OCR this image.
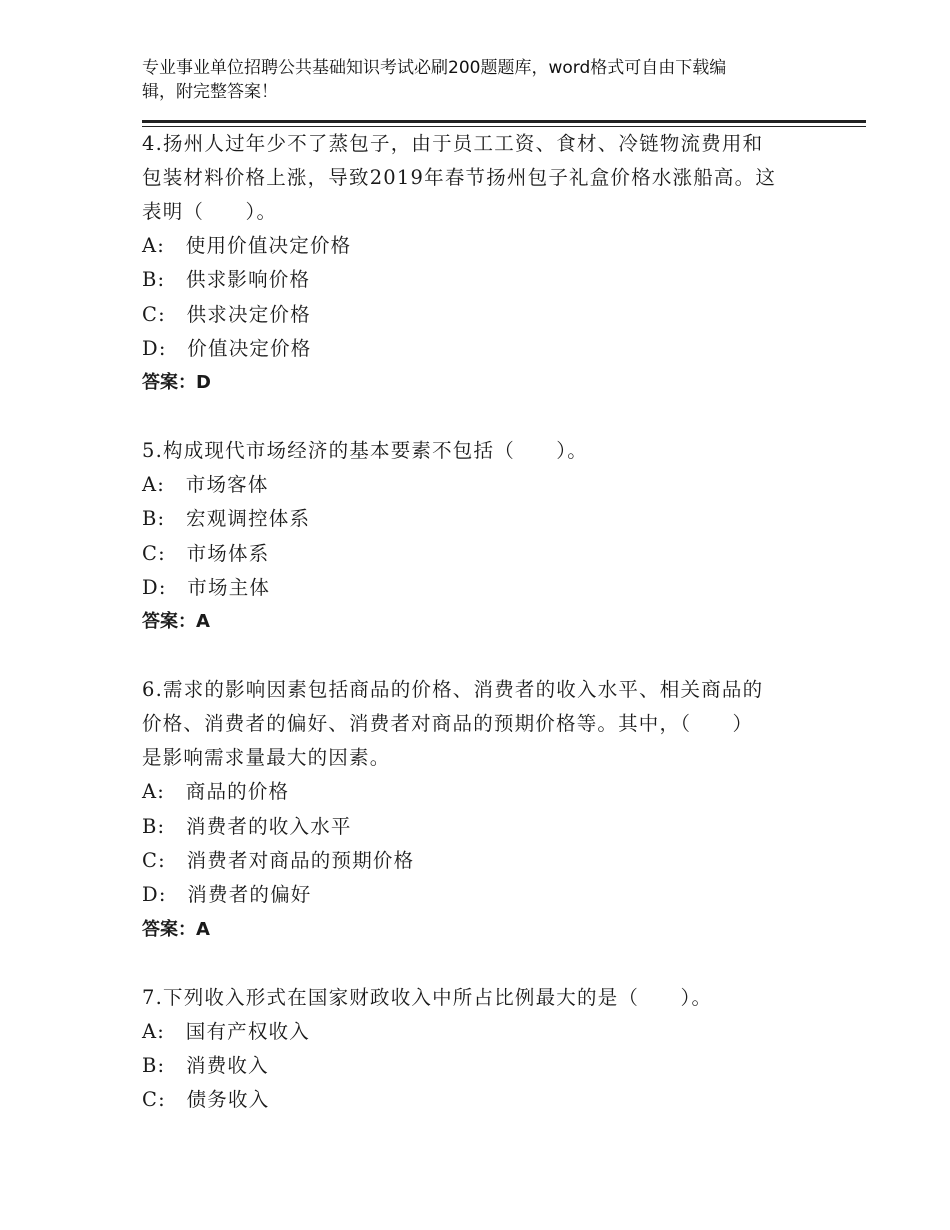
专业事业单位招聘公共基础知识考试必刷200题题库，word格式可自由下载编
辑，附完整答案！
4.扬州人过年少不了蒸包子，由于员工工资、食材、冷链物流费用和
包装材料价格上涨，导致2019年春节扬州包子礼盒价格水涨船高。这
表明（　　）。
A:　使用价值决定价格
B:　供求影响价格
C:　供求决定价格
D:　价值决定价格
答案：D
5.构成现代市场经济的基本要素不包括（　　）。
A:　市场客体
B:　宏观调控体系
C:　市场体系
D:　市场主体
答案：A
6.需求的影响因素包括商品的价格、消费者的收入水平、相关商品的
价格、消费者的偏好、消费者对商品的预期价格等。其中，（　　）
是影响需求量最大的因素。
A:　商品的价格
B:　消费者的收入水平
C:　消费者对商品的预期价格
D:　消费者的偏好
答案：A
7.下列收入形式在国家财政收入中所占比例最大的是（　　）。
A:　国有产权收入
B:　消费收入
C:　债务收入
